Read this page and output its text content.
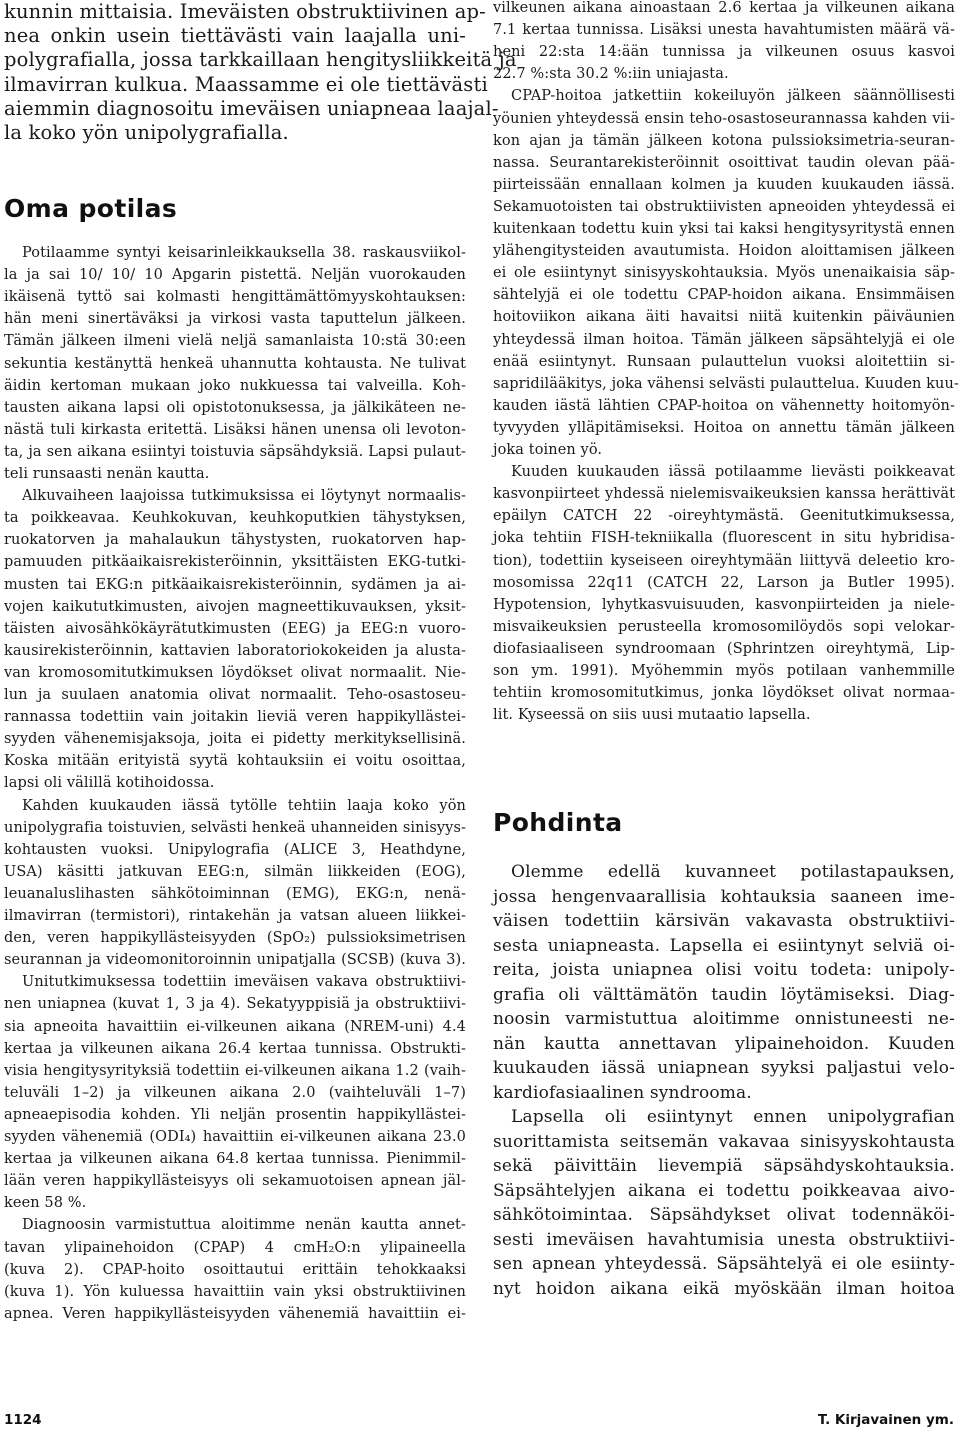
kunnin mittaisia. Imeväisten obstruktiivinen ap-
nea onkin usein tiettävästi vain laajalla uni-
polygrafialla, jossa tarkkaillaan hengitysliikkeitä ja
ilmavirran kulkua. Maassamme ei ole tiettävästi
aiemmin diagnosoitu imeväisen uniapneaa laajal-
la koko yön unipolygrafialla.
Oma potilas
Potilaamme syntyi keisarinleikkauksella 38. raskausviikol-
la ja sai 10/ 10/ 10 Apgarin pistettä. Neljän vuorokauden
ikäisenä tyttö sai kolmasti hengittämättömyyskohtauksen:
hän meni sinertäväksi ja virkosi vasta taputtelun jälkeen.
Tämän jälkeen ilmeni vielä neljä samanlaista 10:stä 30:een
sekuntia kestänyttä henkeä uhannutta kohtausta. Ne tulivat
äidin kertoman mukaan joko nukkuessa tai valveilla. Koh-
tausten aikana lapsi oli opistotonuksessa, ja jälkikäteen ne-
nästä tuli kirkasta eritettä. Lisäksi hänen unensa oli levoton-
ta, ja sen aikana esiintyi toistuvia säpsähdyksiä. Lapsi pulaut-
teli runsaasti nenän kautta.
Alkuvaiheen laajoissa tutkimuksissa ei löytynyt normaalis-
ta poikkeavaa. Keuhkokuvan, keuhkoputkien tähystyksen,
ruokatorven ja mahalaukun tähystysten, ruokatorven hap-
pamuuden pitkäaikaisrekisteröinnin, yksittäisten EKG-tutki-
musten tai EKG:n pitkäaikaisrekisteröinnin, sydämen ja ai-
vojen kaikututkimusten, aivojen magneettikuvauksen, yksit-
täisten aivosähkökäyrätutkimusten (EEG) ja EEG:n vuoro-
kausirekisteröinnin, kattavien laboratoriokokeiden ja alusta-
van kromosomitutkimuksen löydökset olivat normaalit. Nie-
lun ja suulaen anatomia olivat normaalit. Teho-osastoseu-
rannassa todettiin vain joitakin lieviä veren happikyllästei-
syyden vähenemisjaksoja, joita ei pidetty merkityksellisinä.
Koska mitään erityistä syytä kohtauksiin ei voitu osoittaa,
lapsi oli välillä kotihoidossa.
Kahden kuukauden iässä tytölle tehtiin laaja koko yön
unipolygrafia toistuvien, selvästi henkeä uhanneiden sinisyys-
kohtausten vuoksi. Unipylografia (ALICE 3, Heathdyne,
USA) käsitti jatkuvan EEG:n, silmän liikkeiden (EOG),
leuanaluslihasten sähkötoiminnan (EMG), EKG:n, nenä-
ilmavirran (termistori), rintakehän ja vatsan alueen liikkei-
den, veren happikyllästeisyyden (SpO₂) pulssioksimetrisen
seurannan ja videomonitoroinnin unipatjalla (SCSB) (kuva 3).
Unitutkimuksessa todettiin imeväisen vakava obstruktiivi-
nen uniapnea (kuvat 1, 3 ja 4). Sekatyyppisiä ja obstruktiivi-
sia apneoita havaittiin ei-vilkeunen aikana (NREM-uni) 4.4
kertaa ja vilkeunen aikana 26.4 kertaa tunnissa. Obstrukti-
visia hengitysyrityksiä todettiin ei-vilkeunen aikana 1.2 (vaih-
teluväli 1–2) ja vilkeunen aikana 2.0 (vaihteluväli 1–7)
apneaepisodia kohden. Yli neljän prosentin happikyllästei-
syyden vähenemiä (ODI₄) havaittiin ei-vilkeunen aikana 23.0
kertaa ja vilkeunen aikana 64.8 kertaa tunnissa. Pienimmil-
lään veren happikyllästeisyys oli sekamuotoisen apnean jäl-
keen 58 %.
Diagnoosin varmistuttua aloitimme nenän kautta annet-
tavan ylipainehoidon (CPAP) 4 cmH₂O:n ylipaineella
(kuva 2). CPAP-hoito osoittautui erittäin tehokkaaksi
(kuva 1). Yön kuluessa havaittiin vain yksi obstruktiivinen
apnea. Veren happikyllästeisyyden vähenemiä havaittiin ei-
vilkeunen aikana ainoastaan 2.6 kertaa ja vilkeunen aikana
7.1 kertaa tunnissa. Lisäksi unesta havahtumisten määrä vä-
heni 22:sta 14:ään tunnissa ja vilkeunen osuus kasvoi
22.7 %:sta 30.2 %:iin uniajasta.
CPAP-hoitoa jatkettiin kokeiluyön jälkeen säännöllisesti
yöunien yhteydessä ensin teho-osastoseurannassa kahden vii-
kon ajan ja tämän jälkeen kotona pulssioksimetria-seuran-
nassa. Seurantarekisteröinnit osoittivat taudin olevan pää-
piirteissään ennallaan kolmen ja kuuden kuukauden iässä.
Sekamuotoisten tai obstruktiivisten apneoiden yhteydessä ei
kuitenkaan todettu kuin yksi tai kaksi hengitysyritystä ennen
ylähengitysteiden avautumista. Hoidon aloittamisen jälkeen
ei ole esiintynyt sinisyyskohtauksia. Myös unenaikaisia säp-
sähtelyjä ei ole todettu CPAP-hoidon aikana. Ensimmäisen
hoitoviikon aikana äiti havaitsi niitä kuitenkin päiväunien
yhteydessä ilman hoitoa. Tämän jälkeen säpsähtelyjä ei ole
enää esiintynyt. Runsaan pulauttelun vuoksi aloitettiin si-
sapridilääkitys, joka vähensi selvästi pulauttelua. Kuuden kuu-
kauden iästä lähtien CPAP-hoitoa on vähennetty hoitomyön-
tyvyyden ylläpitämiseksi. Hoitoa on annettu tämän jälkeen
joka toinen yö.
Kuuden kuukauden iässä potilaamme lievästi poikkeavat
kasvonpiirteet yhdessä nielemisvaikeuksien kanssa herättivät
epäilyn CATCH 22 -oireyhtymästä. Geenitutkimuksessa,
joka tehtiin FISH-tekniikalla (fluorescent in situ hybridisa-
tion), todettiin kyseiseen oireyhtymään liittyvä deleetio kro-
mosomissa 22q11 (CATCH 22, Larson ja Butler 1995).
Hypotension, lyhytkasvuisuuden, kasvonpiirteiden ja niele-
misvaikeuksien perusteella kromosomilöydös sopi velokar-
diofasiaaliseen syndroomaan (Sphrintzen oireyhtymä, Lip-
son ym. 1991). Myöhemmin myös potilaan vanhemmille
tehtiin kromosomitutkimus, jonka löydökset olivat normaa-
lit. Kyseessä on siis uusi mutaatio lapsella.
Pohdinta
Olemme edellä kuvanneet potilastapauksen,
jossa hengenvaarallisia kohtauksia saaneen ime-
väisen todettiin kärsivän vakavasta obstruktiivi-
sesta uniapneasta. Lapsella ei esiintynyt selviä oi-
reita, joista uniapnea olisi voitu todeta: unipoly-
grafia oli välttämätön taudin löytämiseksi. Diag-
noosin varmistuttua aloitimme onnistuneesti ne-
nän kautta annettavan ylipainehoidon. Kuuden
kuukauden iässä uniapnean syyksi paljastui velo-
kardiofasiaalinen syndrooma.
Lapsella oli esiintynyt ennen unipolygrafian
suorittamista seitsemän vakavaa sinisyyskohtausta
sekä päivittäin lievempiä säpsähdyskohtauksia.
Säpsähtelyjen aikana ei todettu poikkeavaa aivo-
sähkötoimintaa. Säpsähdykset olivat todennäköi-
sesti imeväisen havahtumisia unesta obstruktiivi-
sen apnean yhteydessä. Säpsähtelyä ei ole esiinty-
nyt hoidon aikana eikä myöskään ilman hoitoa
1124	T. Kirjavainen ym.
